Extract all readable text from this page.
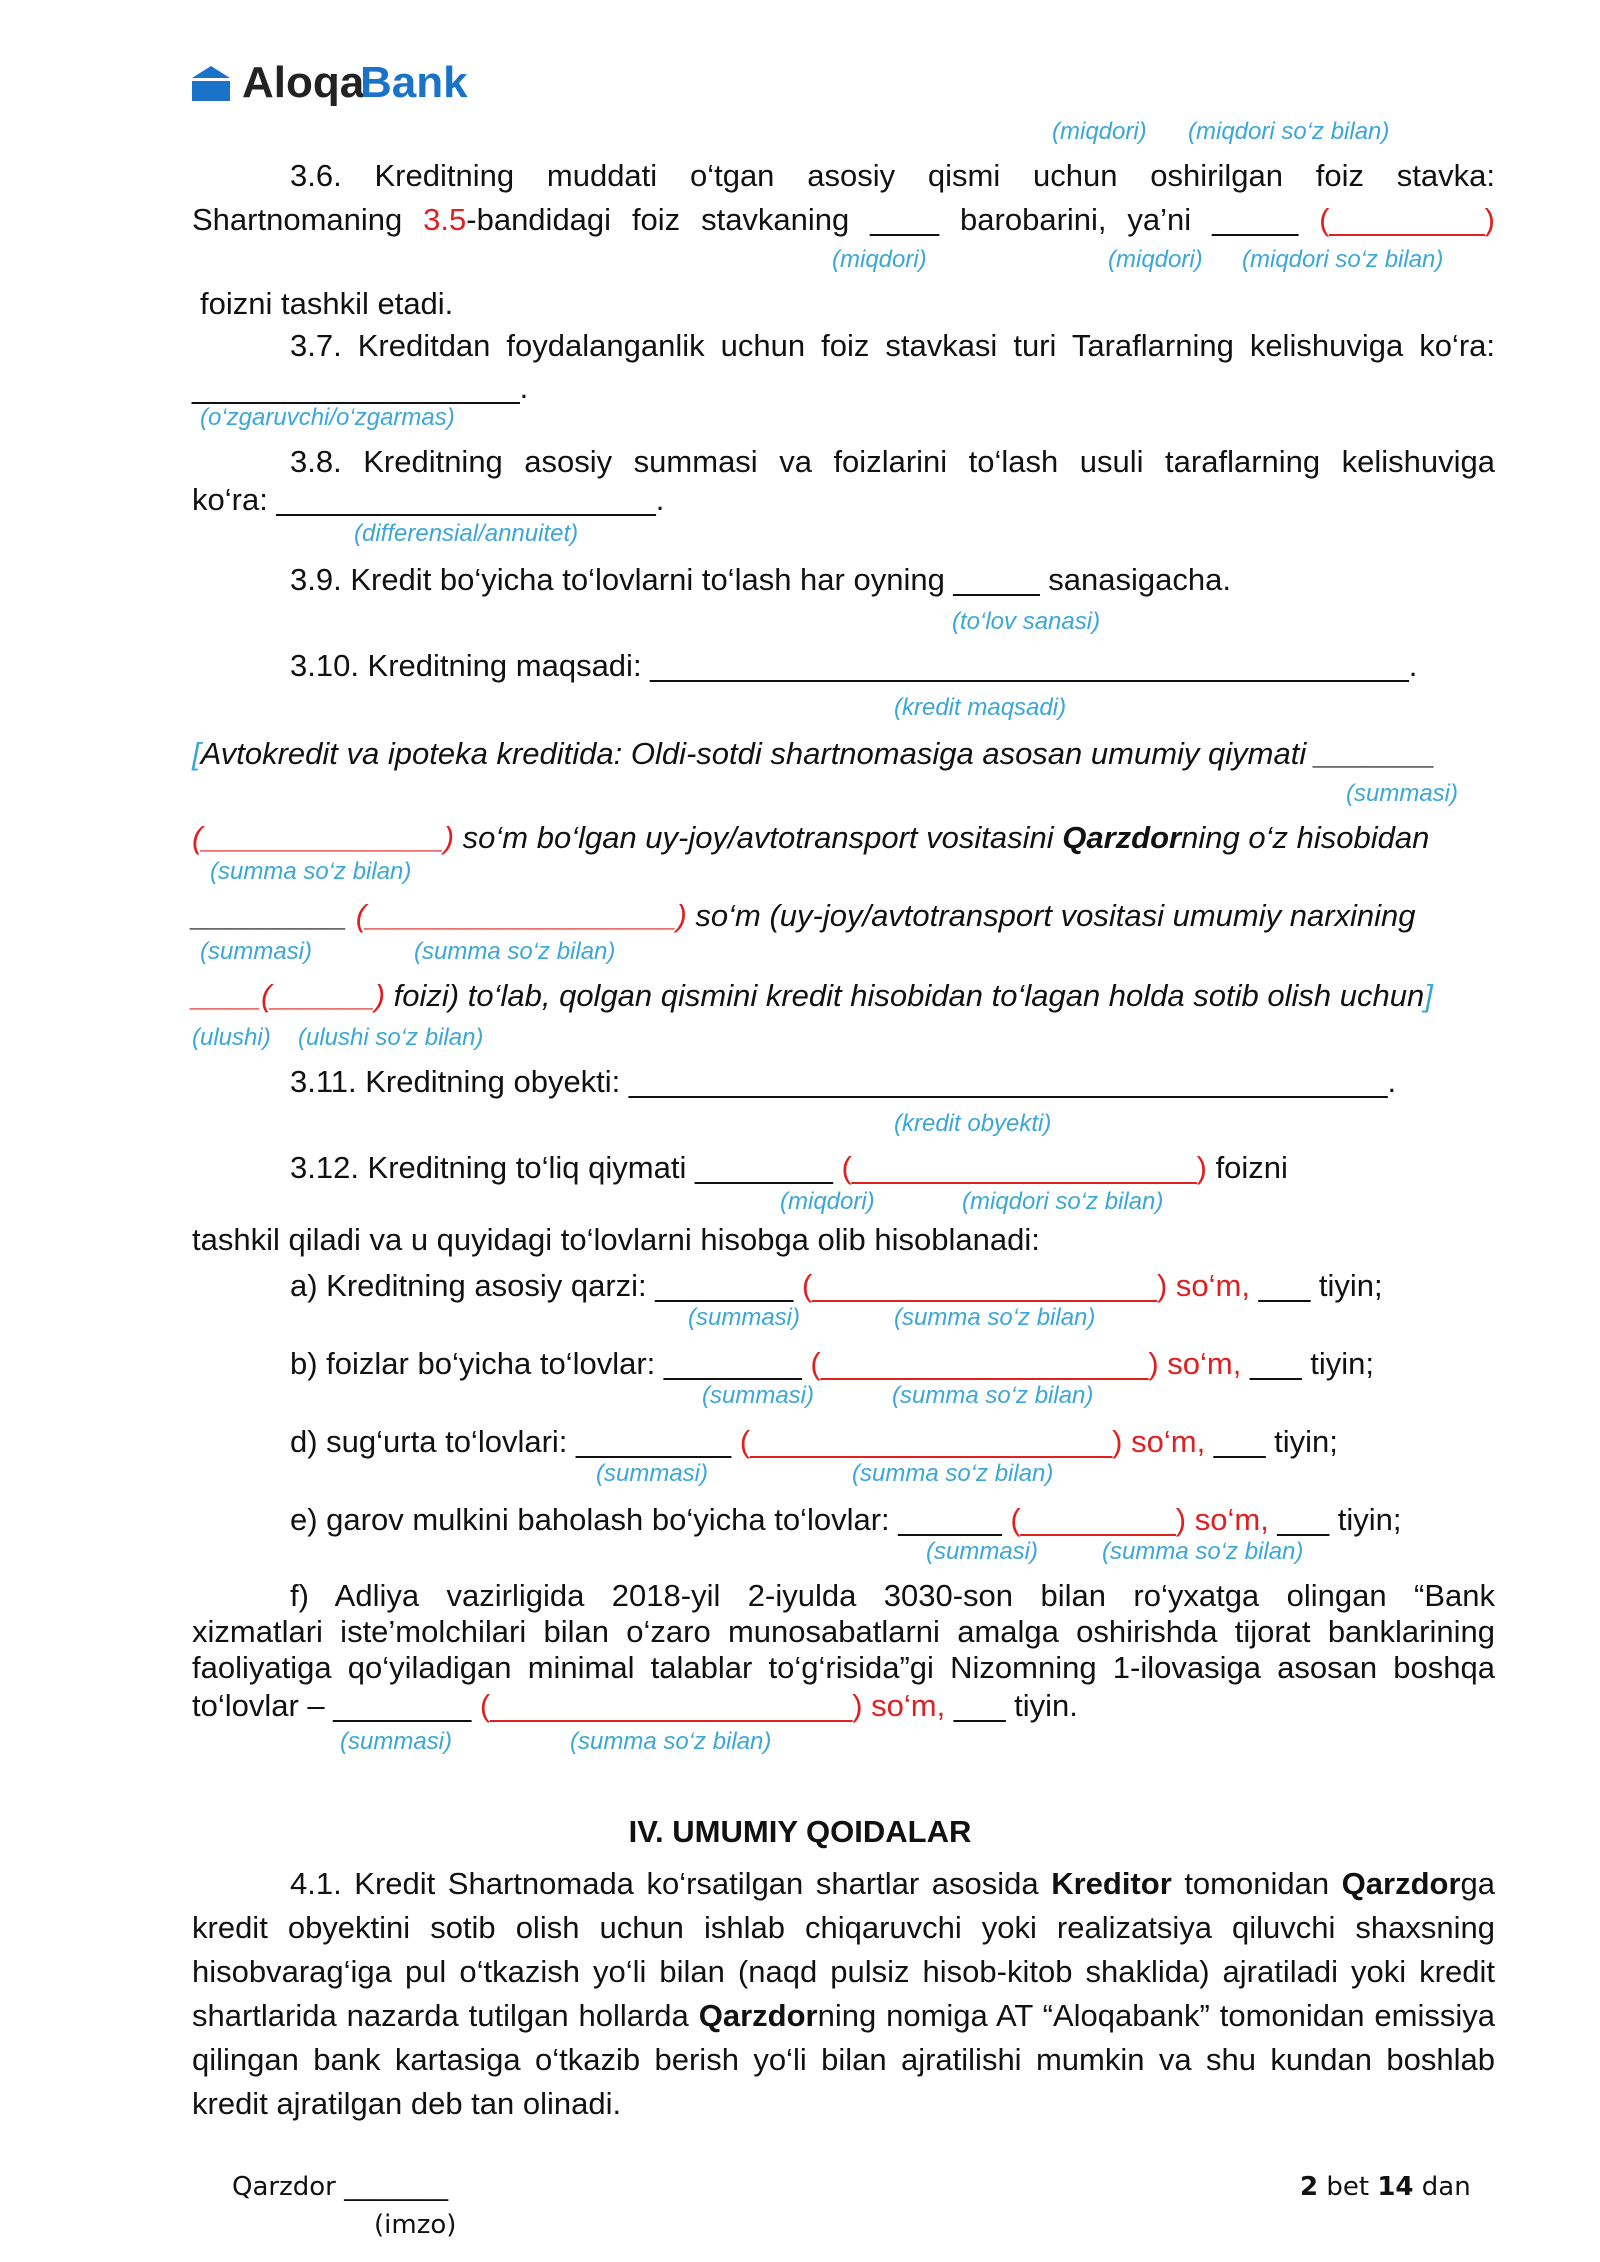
Aloqa
Bank
(miqdori) (miqdori so‘z bilan)
3.6. Kreditning muddati o‘tgan asosiy qismi uchun oshirilgan foiz stavka:
Shartnomaning 3.5-bandidagi foiz stavkaning ____ barobarini, ya’ni _____ (_________)
(miqdori)	(miqdori) (miqdori so‘z bilan)
foizni tashkil etadi.
3.7. Kreditdan foydalanganlik uchun foiz stavkasi turi Taraflarning kelishuviga ko‘ra:
___________________.
(o‘zgaruvchi/o‘zgarmas)
3.8. Kreditning asosiy summasi va foizlarini to‘lash usuli taraflarning kelishuviga
ko‘ra: ______________________.
(differensial/annuitet)
3.9. Kredit bo‘yicha to‘lovlarni to‘lash har oyning _____ sanasigacha.
(to‘lov sanasi)
3.10. Kreditning maqsadi: ____________________________________________.
(kredit maqsadi)
[Avtokredit va ipoteka kreditida: Oldi-sotdi shartnomasiga asosan umumiy qiymati _______
(summasi)
(______________) so‘m bo‘lgan uy-joy/avtotransport vositasini Qarzdorning o‘z hisobidan
(summa so‘z bilan)
_________ (__________________) so‘m (uy-joy/avtotransport vositasi umumiy narxining
(summasi)	(summa so‘z bilan)
____(______) foizi) to‘lab, qolgan qismini kredit hisobidan to‘lagan holda sotib olish uchun]
(ulushi) (ulushi so‘z bilan)
3.11. Kreditning obyekti: ____________________________________________.
(kredit obyekti)
3.12. Kreditning to‘liq qiymati ________ (____________________) foizni
(miqdori)	(miqdori so‘z bilan)
tashkil qiladi va u quyidagi to‘lovlarni hisobga olib hisoblanadi:
a) Kreditning asosiy qarzi: ________ (____________________) so‘m, ___ tiyin;
(summasi)	(summa so‘z bilan)
b) foizlar bo‘yicha to‘lovlar: ________ (___________________) so‘m, ___ tiyin;
(summasi)	(summa so‘z bilan)
d) sug‘urta to‘lovlari: _________ (_____________________) so‘m, ___ tiyin;
(summasi)	(summa so‘z bilan)
e) garov mulkini baholash bo‘yicha to‘lovlar: ______ (_________) so‘m, ___ tiyin;
(summasi)	(summa so‘z bilan)
f) Adliya vazirligida 2018-yil 2-iyulda 3030-son bilan ro‘yxatga olingan “Bank
xizmatlari iste’molchilari bilan o‘zaro munosabatlarni amalga oshirishda tijorat banklarining
faoliyatiga qo‘yiladigan minimal talablar to‘g‘risida”gi Nizomning 1-ilovasiga asosan boshqa
to‘lovlar – ________ (_____________________) so‘m, ___ tiyin.
(summasi)	(summa so‘z bilan)
IV. UMUMIY QOIDALAR
4.1. Kredit Shartnomada ko‘rsatilgan shartlar asosida Kreditor tomonidan Qarzdorga kredit obyektini sotib olish uchun ishlab chiqaruvchi yoki realizatsiya qiluvchi shaxsning hisobvarag‘iga pul o‘tkazish yo‘li bilan (naqd pulsiz hisob-kitob shaklida) ajratiladi yoki kredit shartlarida nazarda tutilgan hollarda Qarzdorning nomiga AT “Aloqabank” tomonidan emissiya qilingan bank kartasiga o‘tkazib berish yo‘li bilan ajratilishi mumkin va shu kundan boshlab kredit ajratilgan deb tan olinadi.
Qarzdor ________
(imzo)
2 bet 14 dan
